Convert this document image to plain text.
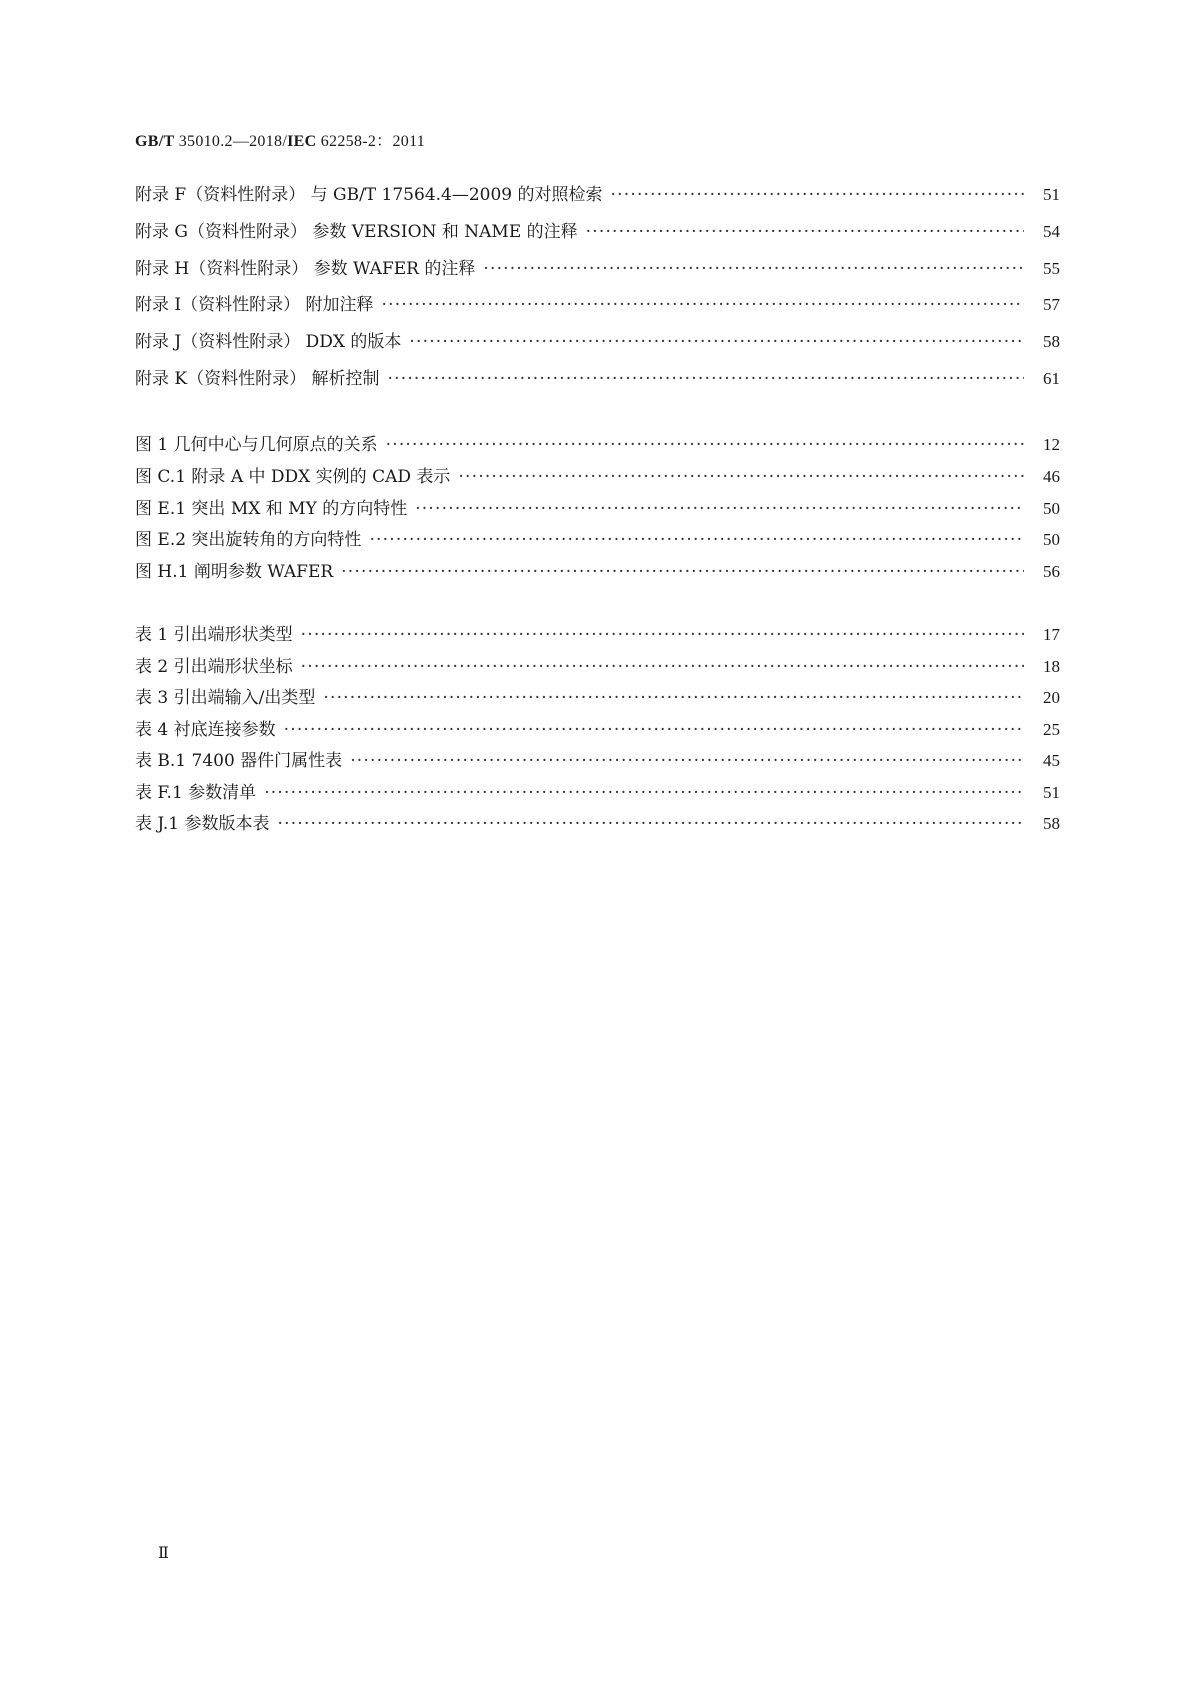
GB/T 35010.2—2018/IEC 62258-2：2011
附录 F（资料性附录） 与 GB/T 17564.4—2009 的对照检索 ·····	51
附录 G（资料性附录） 参数 VERSION 和 NAME 的注释 ·····	54
附录 H（资料性附录） 参数 WAFER 的注释 ·····	55
附录 I（资料性附录） 附加注释 ·····	57
附录 J（资料性附录） DDX 的版本 ·····	58
附录 K（资料性附录） 解析控制 ·····	61
图 1 几何中心与几何原点的关系 ·····	12
图 C.1 附录 A 中 DDX 实例的 CAD 表示 ·····	46
图 E.1 突出 MX 和 MY 的方向特性 ·····	50
图 E.2 突出旋转角的方向特性 ·····	50
图 H.1 阐明参数 WAFER ·····	56
表 1 引出端形状类型 ·····	17
表 2 引出端形状坐标 ·····	18
表 3 引出端输入/出类型 ·····	20
表 4 衬底连接参数 ·····	25
表 B.1 7400 器件门属性表 ·····	45
表 F.1 参数清单 ·····	51
表 J.1 参数版本表 ·····	58
Ⅱ
